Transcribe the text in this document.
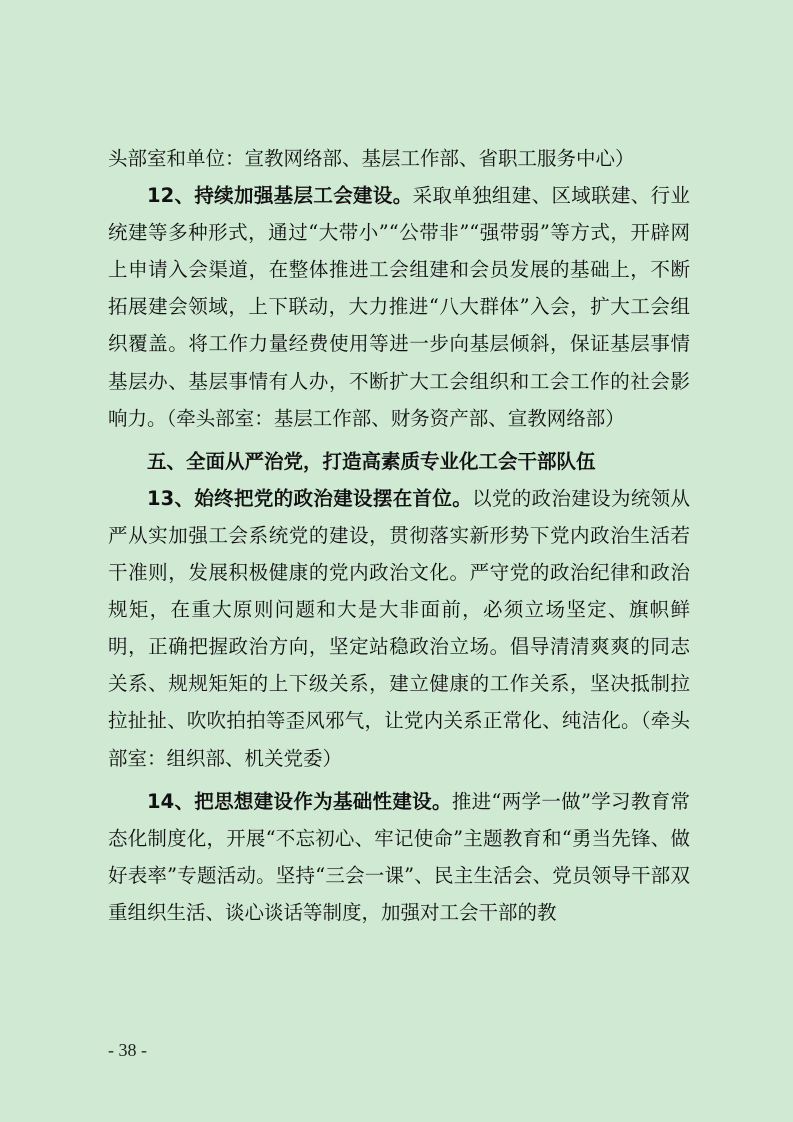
头部室和单位：宣教网络部、基层工作部、省职工服务中心）

12、持续加强基层工会建设。采取单独组建、区域联建、行业统建等多种形式，通过“大带小”“公带非”“强带弱”等方式，开辟网上申请入会渠道，在整体推进工会组建和会员发展的基础上，不断拓展建会领域，上下联动，大力推进“八大群体”入会，扩大工会组织覆盖。将工作力量经费使用等进一步向基层倾斜，保证基层事情基层办、基层事情有人办，不断扩大工会组织和工会工作的社会影响力。（牵头部室：基层工作部、财务资产部、宣教网络部）

五、全面从严治党，打造高素质专业化工会干部队伍

13、始终把党的政治建设摆在首位。以党的政治建设为统领从严从实加强工会系统党的建设，贯彻落实新形势下党内政治生活若干准则，发展积极健康的党内政治文化。严守党的政治纪律和政治规矩，在重大原则问题和大是大非面前，必须立场坚定、旗帜鲜明，正确把握政治方向，坚定站稳政治立场。倡导清清爽爽的同志关系、规规矩矩的上下级关系，建立健康的工作关系，坚决抵制拉拉扯扯、吹吹拍拍等歪风邪气，让党内关系正常化、纯洁化。（牵头部室：组织部、机关党委）

14、把思想建设作为基础性建设。推进“两学一做”学习教育常态化制度化，开展“不忘初心、牢记使命”主题教育和“勇当先锋、做好表率”专题活动。坚持“三会一课”、民主生活会、党员领导干部双重组织生活、谈心谈话等制度，加强对工会干部的教

- 38 -
